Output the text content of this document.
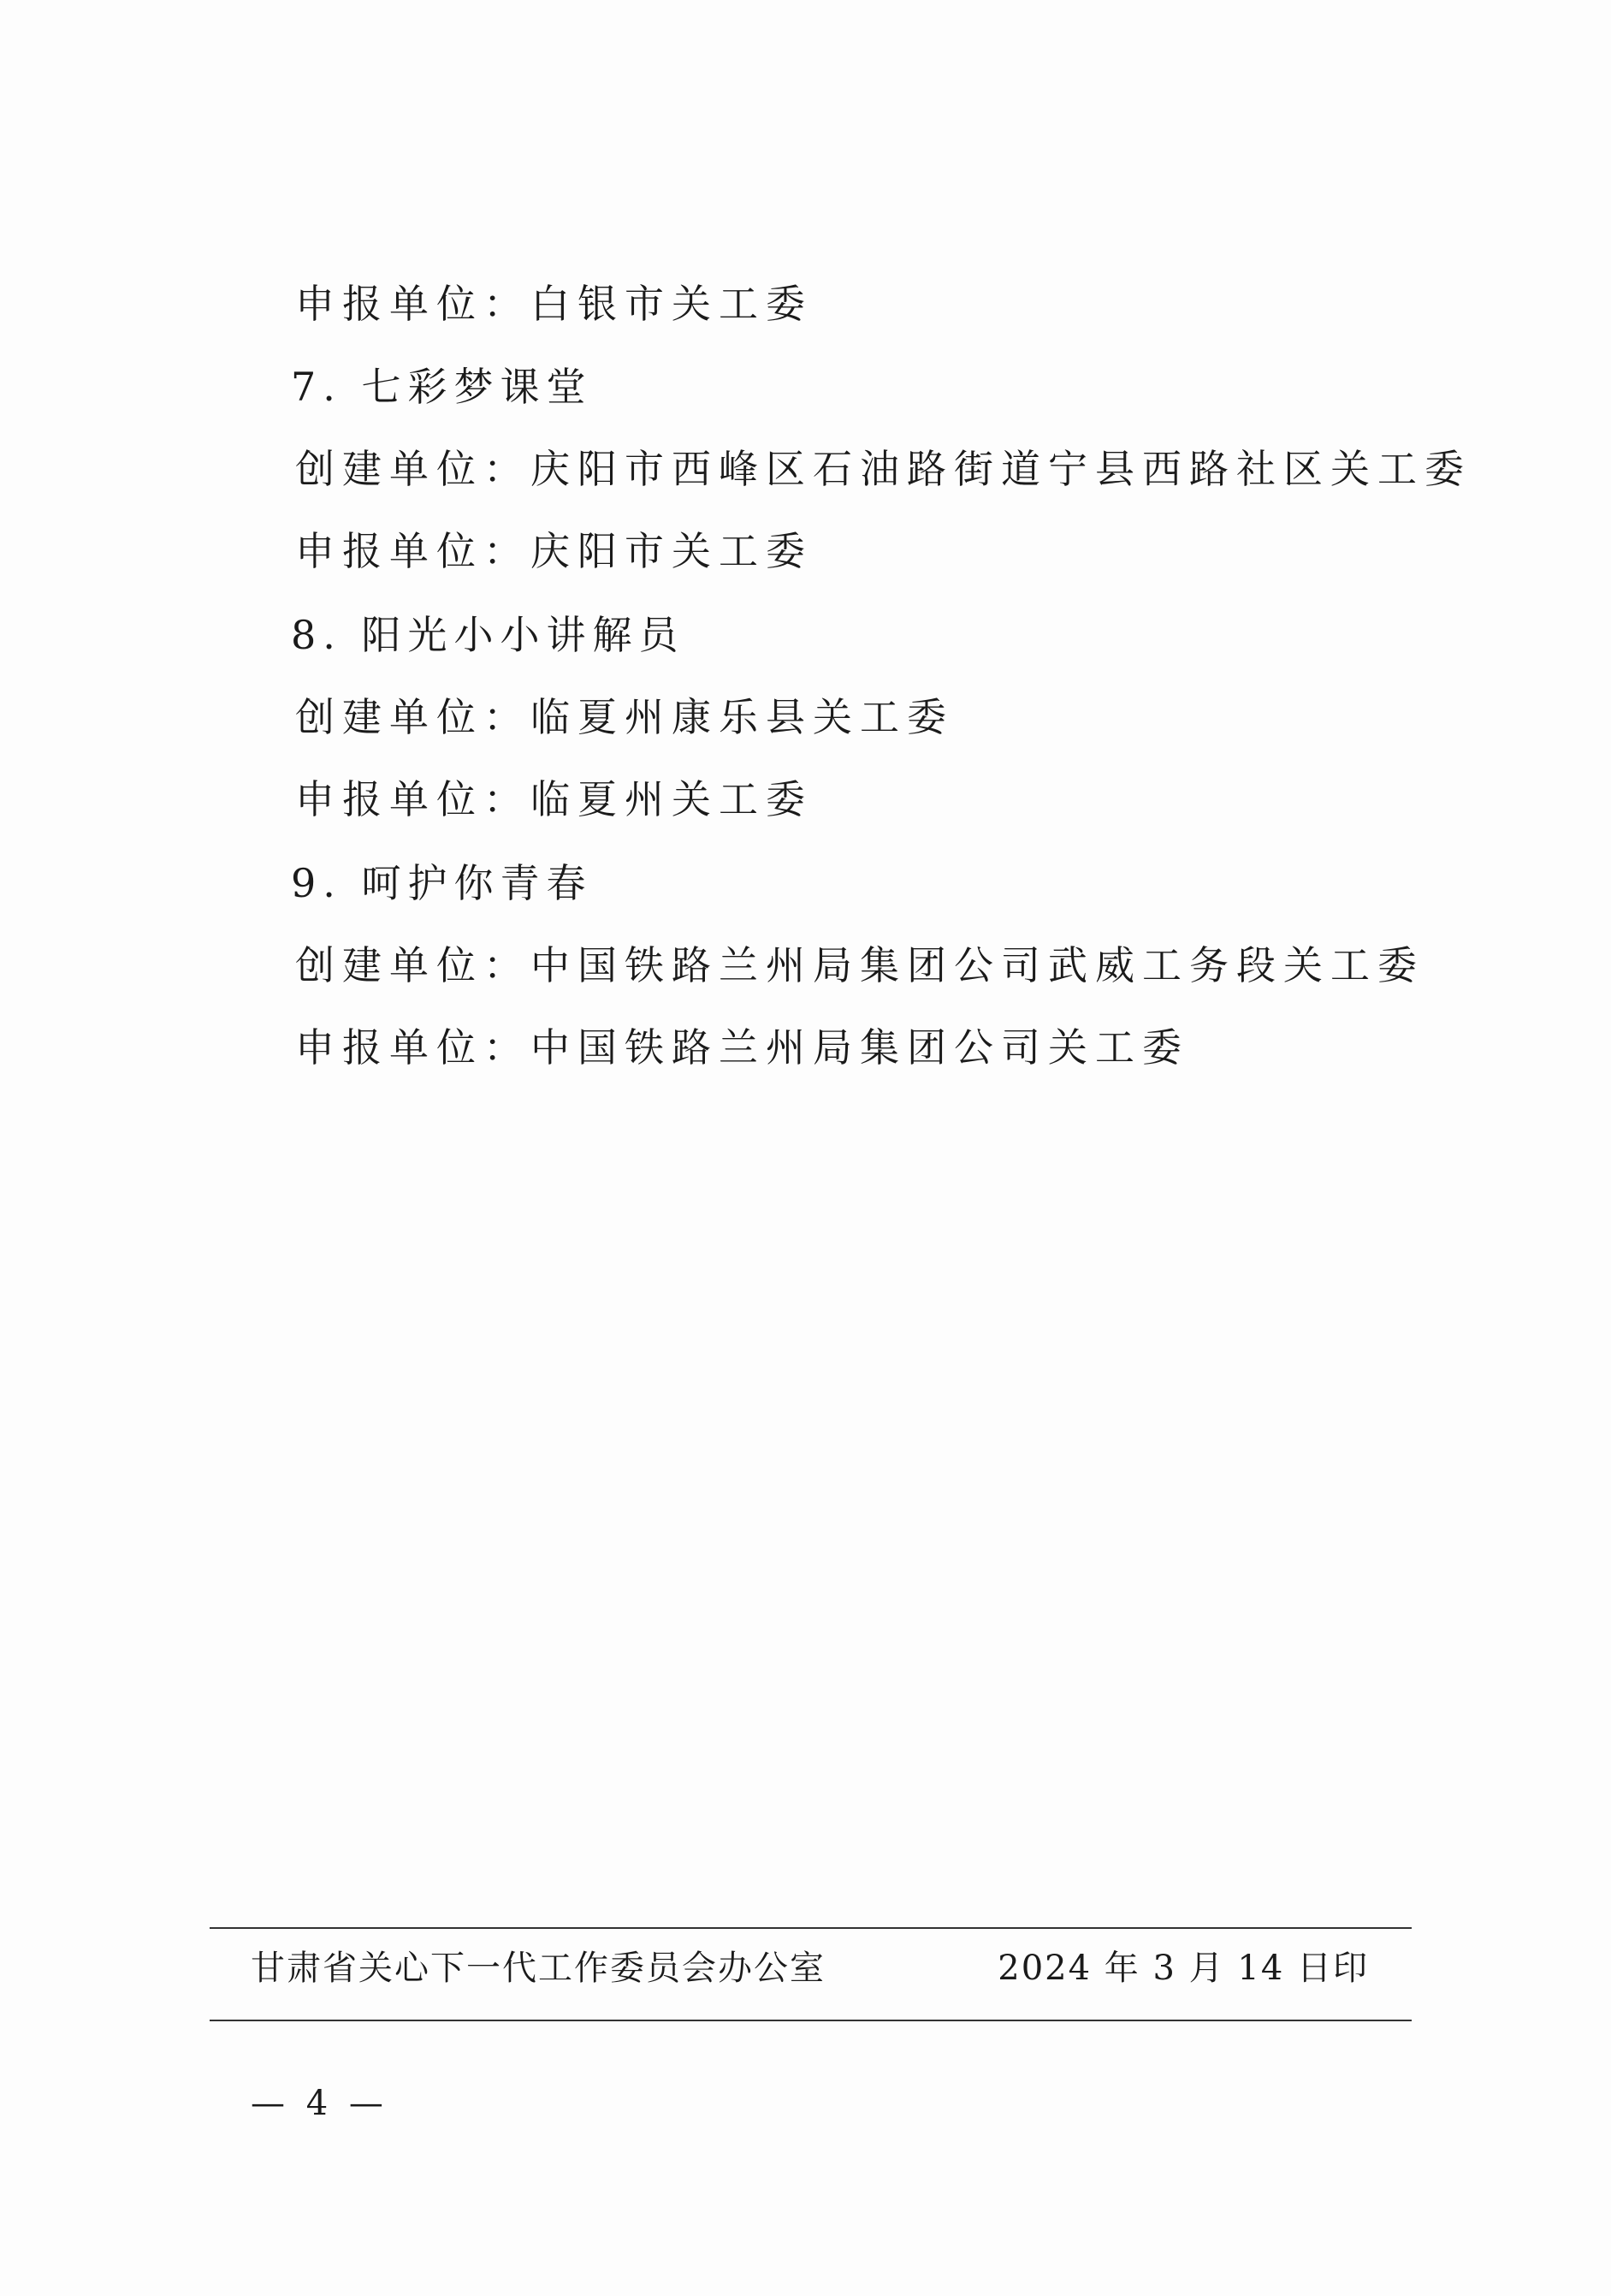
申报单位：白银市关工委
7. 七彩梦课堂
创建单位：庆阳市西峰区石油路街道宁县西路社区关工委
申报单位：庆阳市关工委
8. 阳光小小讲解员
创建单位：临夏州康乐县关工委
申报单位：临夏州关工委
9. 呵护你青春
创建单位：中国铁路兰州局集团公司武威工务段关工委
申报单位：中国铁路兰州局集团公司关工委
甘肃省关心下一代工作委员会办公室	2024 年 3 月 14 日印
— 4 —
